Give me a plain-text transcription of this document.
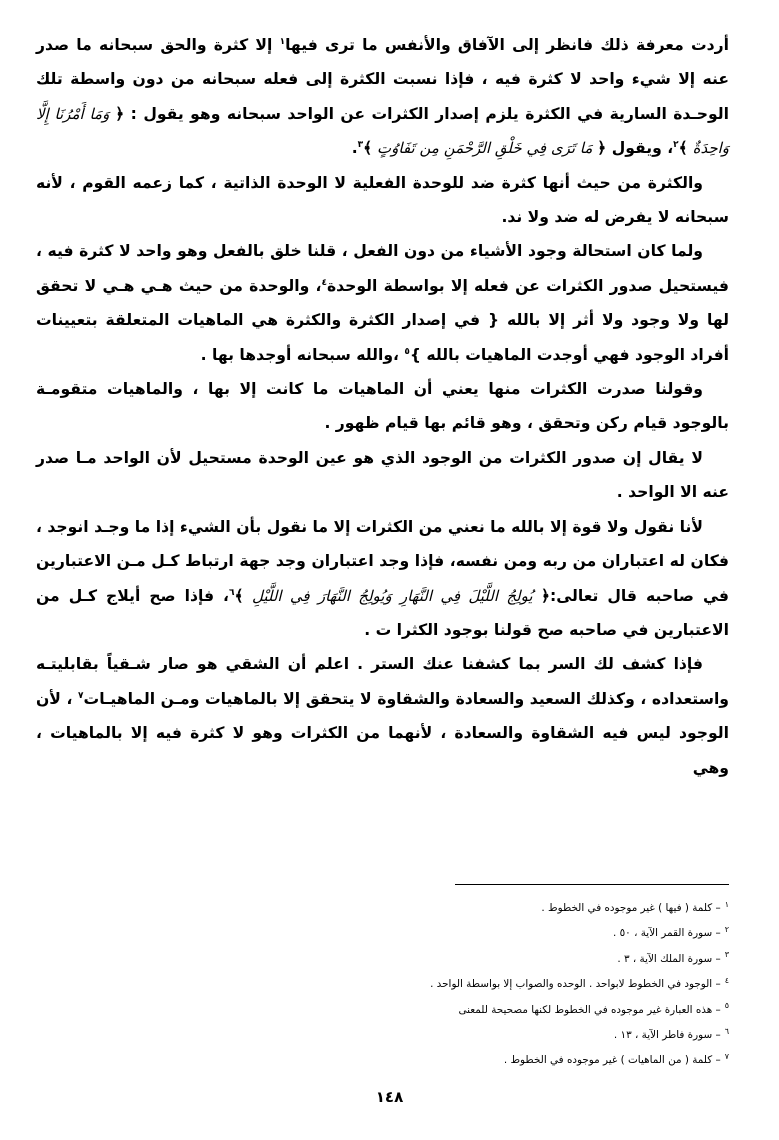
أردت معرفة ذلك فانظر إلى الآفاق والأنفس ما ترى فيها$^١$ إلا كثرة والحق سبحانه ما صدر عنه إلا شيء واحد لا كثرة فيه ، فإذا نسبت الكثرة إلى فعله سبحانه من دون واسطة تلك الوحـدة السارية في الكثرة يلزم إصدار الكثرات عن الواحد سبحانه وهو يقول : ﴿ وَمَا أَمْرُنَا إِلَّا وَاحِدَةٌ ﴾$^٢$، ويقول ﴿ مَا تَرَى فِي خَلْقِ الرَّحْمَنِ مِن تَفَاوُتٍ ﴾$^٣$.

والكثرة من حيث أنها كثرة ضد للوحدة الفعلية لا الوحدة الذاتية ، كما زعمه القوم ، لأنه سبحانه لا يفرض له ضد ولا ند.

ولما كان استحالة وجود الأشياء من دون الفعل ، قلنا خلق بالفعل وهو واحد لا كثرة فيه ، فيستحيل صدور الكثرات عن فعله إلا بواسطة الوحدة$^٤$، والوحدة من حيث هـي هـي لا تحقق لها ولا وجود ولا أثر إلا بالله { في إصدار الكثرة والكثرة هي الماهيات المتعلقة بتعيينات أفراد الوجود فهي أوجدت الماهيات بالله }$^٥$ ،والله سبحانه أوجدها بها .

وقولنا صدرت الكثرات منها يعني أن الماهيات ما كانت إلا بها ، والماهيات متقومـة بالوجود قيام ركن وتحقق ، وهو قائم بها قيام ظهور .

لا يقال إن صدور الكثرات من الوجود الذي هو عين الوحدة مستحيل لأن الواحد مـا صدر عنه الا الواحد .

لأنا نقول ولا قوة إلا بالله ما نعني من الكثرات إلا ما نقول بأن الشيء إذا ما وجـد انوجد ، فكان له اعتباران من ربه ومن نفسه، فإذا وجد اعتباران وجد جهة ارتباط كـل مـن الاعتبارين في صاحبه قال تعالى:﴿ يُولِجُ اللَّيْلَ فِي النَّهَارِ وَيُولِجُ النَّهَارَ فِي اللَّيْلِ ﴾$^٦$، فإذا صح أيلاج كـل من الاعتبارين في صاحبه صح قولنا بوجود الكثرا ت .

فإذا كشف لك السر بما كشفنا عنك الستر . اعلم أن الشقي هو صار شـقياً بقابليتـه واستعداده ، وكذلك السعيد والسعادة والشقاوة لا يتحقق إلا بالماهيات ومـن الماهيـات$^٧$ ، لأن الوجود ليس فيه الشقاوة والسعادة ، لأنهما من الكثرات وهو لا كثرة فيه إلا بالماهيات ، وهي

$^١$– كلمة ( فيها ) غير موجوده في الخطوط .
$^٢$– سورة القمر الآية ، ٥٠ .
$^٣$– سورة الملك الآية ، ٣ .
$^٤$– الوجود في الخطوط لابواحد . الوحده والصواب إلا بواسطة الواحد .
$^٥$– هذه العبارة غير موجوده في الخطوط لكنها مصحيحة للمعنى
$^٦$– سورة فاطر الآية ، ١٣ .
$^٧$– كلمة ( من الماهيات ) غير موجوده في الخطوط .
١٤٨
